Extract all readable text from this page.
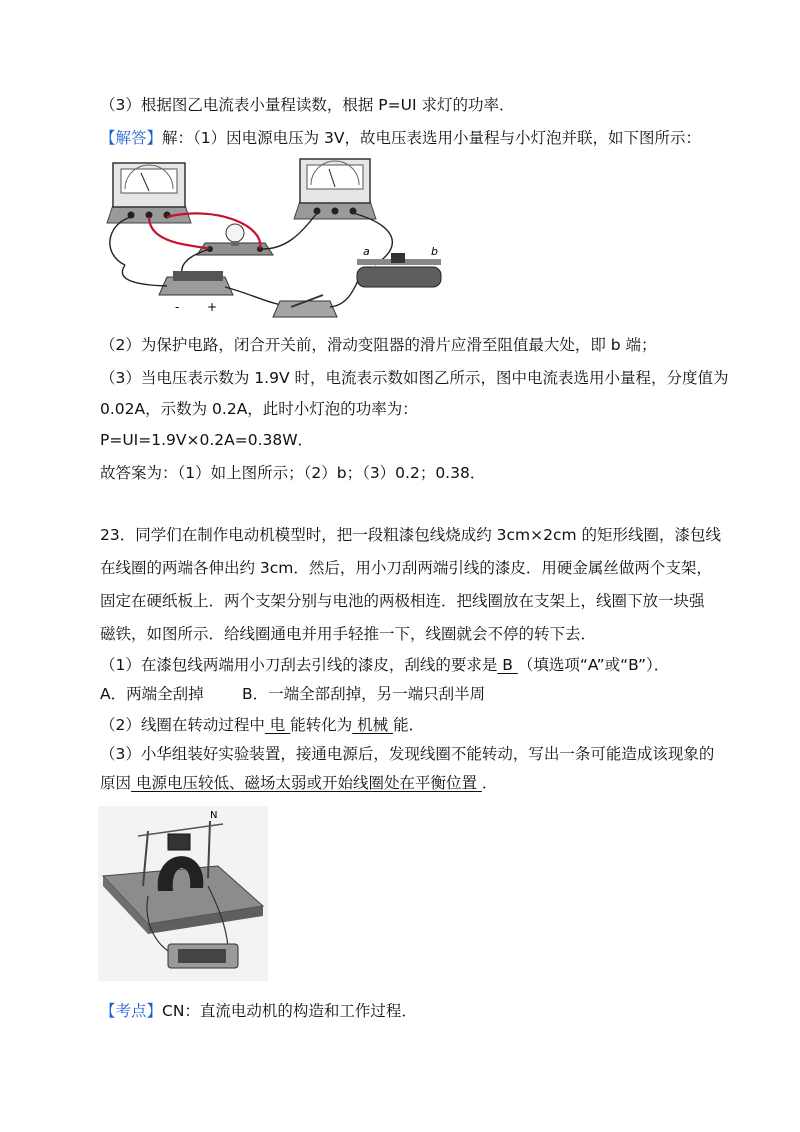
（3）根据图乙电流表小量程读数，根据 P=UI 求灯的功率．
【解答】解：（1）因电源电压为 3V，故电压表选用小量程与小灯泡并联，如下图所示：
- +
a	b
（2）为保护电路，闭合开关前，滑动变阻器的滑片应滑至阻值最大处，即 b 端；
（3）当电压表示数为 1.9V 时，电流表示数如图乙所示，图中电流表选用小量程，分度值为
0.02A，示数为 0.2A，此时小灯泡的功率为：
P=UI=1.9V×0.2A=0.38W．
故答案为：（1）如上图所示；（2）b；（3）0.2；0.38．
23．同学们在制作电动机模型时，把一段粗漆包线烧成约 3cm×2cm 的矩形线圈，漆包线
在线圈的两端各伸出约 3cm．然后，用小刀刮两端引线的漆皮．用硬金属丝做两个支架，
固定在硬纸板上．两个支架分别与电池的两极相连．把线圈放在支架上，线圈下放一块强
磁铁，如图所示．给线圈通电并用手轻推一下，线圈就会不停的转下去．
（1）在漆包线两端用小刀刮去引线的漆皮，刮线的要求是 B （填选项“A”或“B”）．
A．两端全刮掉 B．一端全部刮掉，另一端只刮半周
（2）线圈在转动过程中 电 能转化为 机械 能．
（3）小华组装好实验装置，接通电源后，发现线圈不能转动，写出一条可能造成该现象的
原因 电源电压较低、磁场太弱或开始线圈处在平衡位置 ．
N
【考点】CN：直流电动机的构造和工作过程．
